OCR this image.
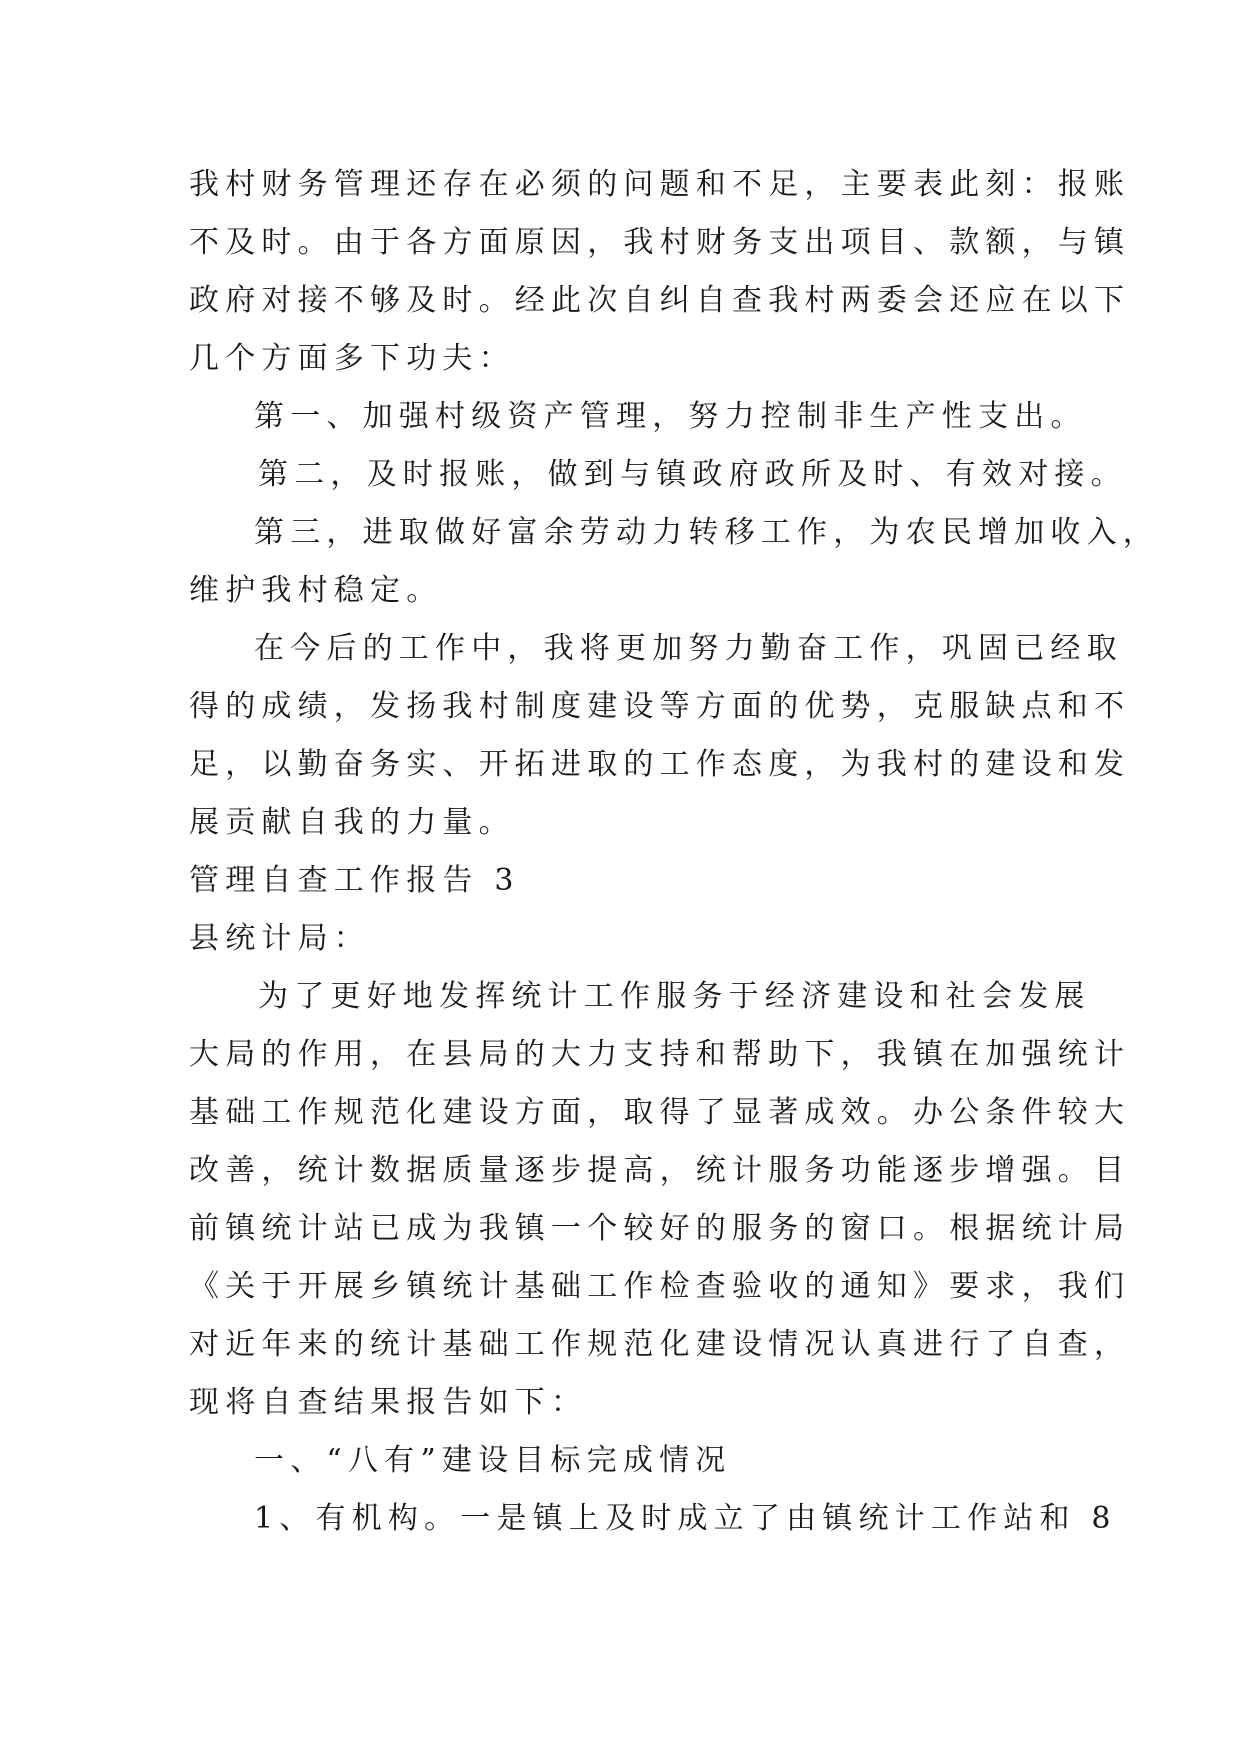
我村财务管理还存在必须的问题和不足，主要表此刻：报账
不及时。由于各方面原因，我村财务支出项目、款额，与镇
政府对接不够及时。经此次自纠自查我村两委会还应在以下
几个方面多下功夫：
第一、加强村级资产管理，努力控制非生产性支出。
第二，及时报账，做到与镇政府政所及时、有效对接。
第三，进取做好富余劳动力转移工作，为农民增加收入，
维护我村稳定。
在今后的工作中，我将更加努力勤奋工作，巩固已经取
得的成绩，发扬我村制度建设等方面的优势，克服缺点和不
足，以勤奋务实、开拓进取的工作态度，为我村的建设和发
展贡献自我的力量。
管理自查工作报告 3
县统计局：
为了更好地发挥统计工作服务于经济建设和社会发展
大局的作用，在县局的大力支持和帮助下，我镇在加强统计
基础工作规范化建设方面，取得了显著成效。办公条件较大
改善，统计数据质量逐步提高，统计服务功能逐步增强。目
前镇统计站已成为我镇一个较好的服务的窗口。根据统计局
《关于开展乡镇统计基础工作检查验收的通知》要求，我们
对近年来的统计基础工作规范化建设情况认真进行了自查，
现将自查结果报告如下：
一、“八有”建设目标完成情况
1、有机构。一是镇上及时成立了由镇统计工作站和 8
